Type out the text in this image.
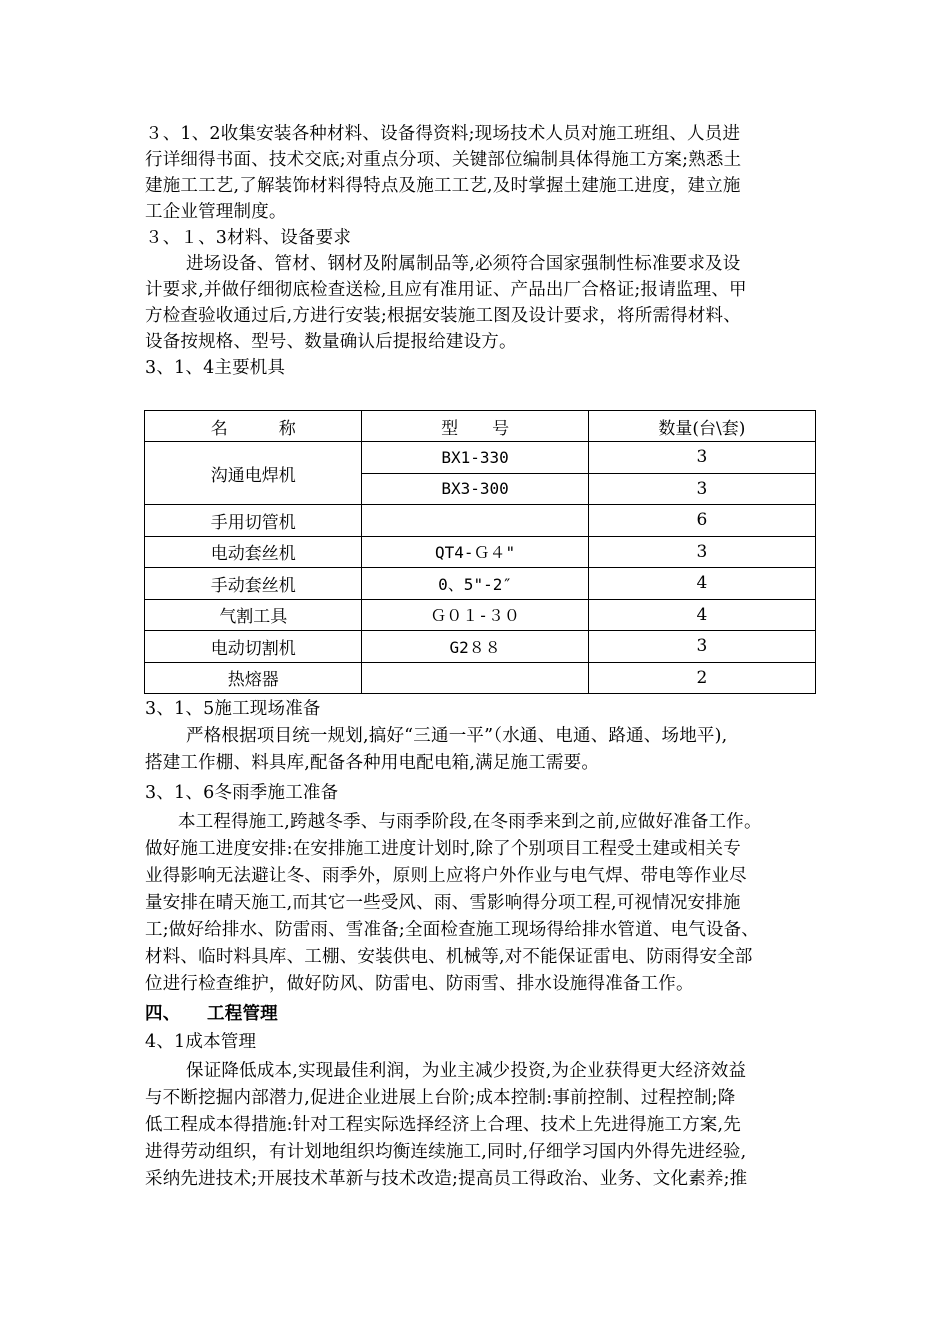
３、1、2收集安装各种材料、设备得资料;现场技术人员对施工班组、人员进
行详细得书面、技术交底;对重点分项、关键部位编制具体得施工方案;熟悉土
建施工工艺,了解装饰材料得特点及施工工艺,及时掌握土建施工进度，建立施
工企业管理制度。
３、１、3材料、设备要求
进场设备、管材、钢材及附属制品等,必须符合国家强制性标准要求及设
计要求,并做仔细彻底检查送检,且应有准用证、产品出厂合格证;报请监理、甲
方检查验收通过后,方进行安装;根据安装施工图及设计要求，将所需得材料、
设备按规格、型号、数量确认后提报给建设方。
3、1、4主要机具
名　　　称	型　　号	数量(台\套)
沟通电焊机	BX1-330	3
	BX3-300	3
手用切管机		6
电动套丝机	QT4-Ｇ４"	3
手动套丝机	0、5"-2″	4
气割工具	Ｇ０１-３０	4
电动切割机	G2８８	3
热熔器		2
3、1、5施工现场准备
严格根据项目统一规划,搞好“三通一平”（水通、电通、路通、场地平),
搭建工作棚、料具库,配备各种用电配电箱,满足施工需要。
3、1、6冬雨季施工准备
本工程得施工,跨越冬季、与雨季阶段,在冬雨季来到之前,应做好准备工作。
做好施工进度安排:在安排施工进度计划时,除了个别项目工程受土建或相关专
业得影响无法避让冬、雨季外，原则上应将户外作业与电气焊、带电等作业尽
量安排在晴天施工,而其它一些受风、雨、雪影响得分项工程,可视情况安排施
工;做好给排水、防雷雨、雪准备;全面检查施工现场得给排水管道、电气设备、
材料、临时料具库、工棚、安装供电、机械等,对不能保证雷电、防雨得安全部
位进行检查维护，做好防风、防雷电、防雨雪、排水设施得准备工作。
四、　　工程管理
4、1成本管理
保证降低成本,实现最佳利润，为业主减少投资,为企业获得更大经济效益
与不断挖掘内部潜力,促进企业进展上台阶;成本控制:事前控制、过程控制;降
低工程成本得措施:针对工程实际选择经济上合理、技术上先进得施工方案,先
进得劳动组织，有计划地组织均衡连续施工,同时,仔细学习国内外得先进经验,
采纳先进技术;开展技术革新与技术改造;提高员工得政治、业务、文化素养;推
